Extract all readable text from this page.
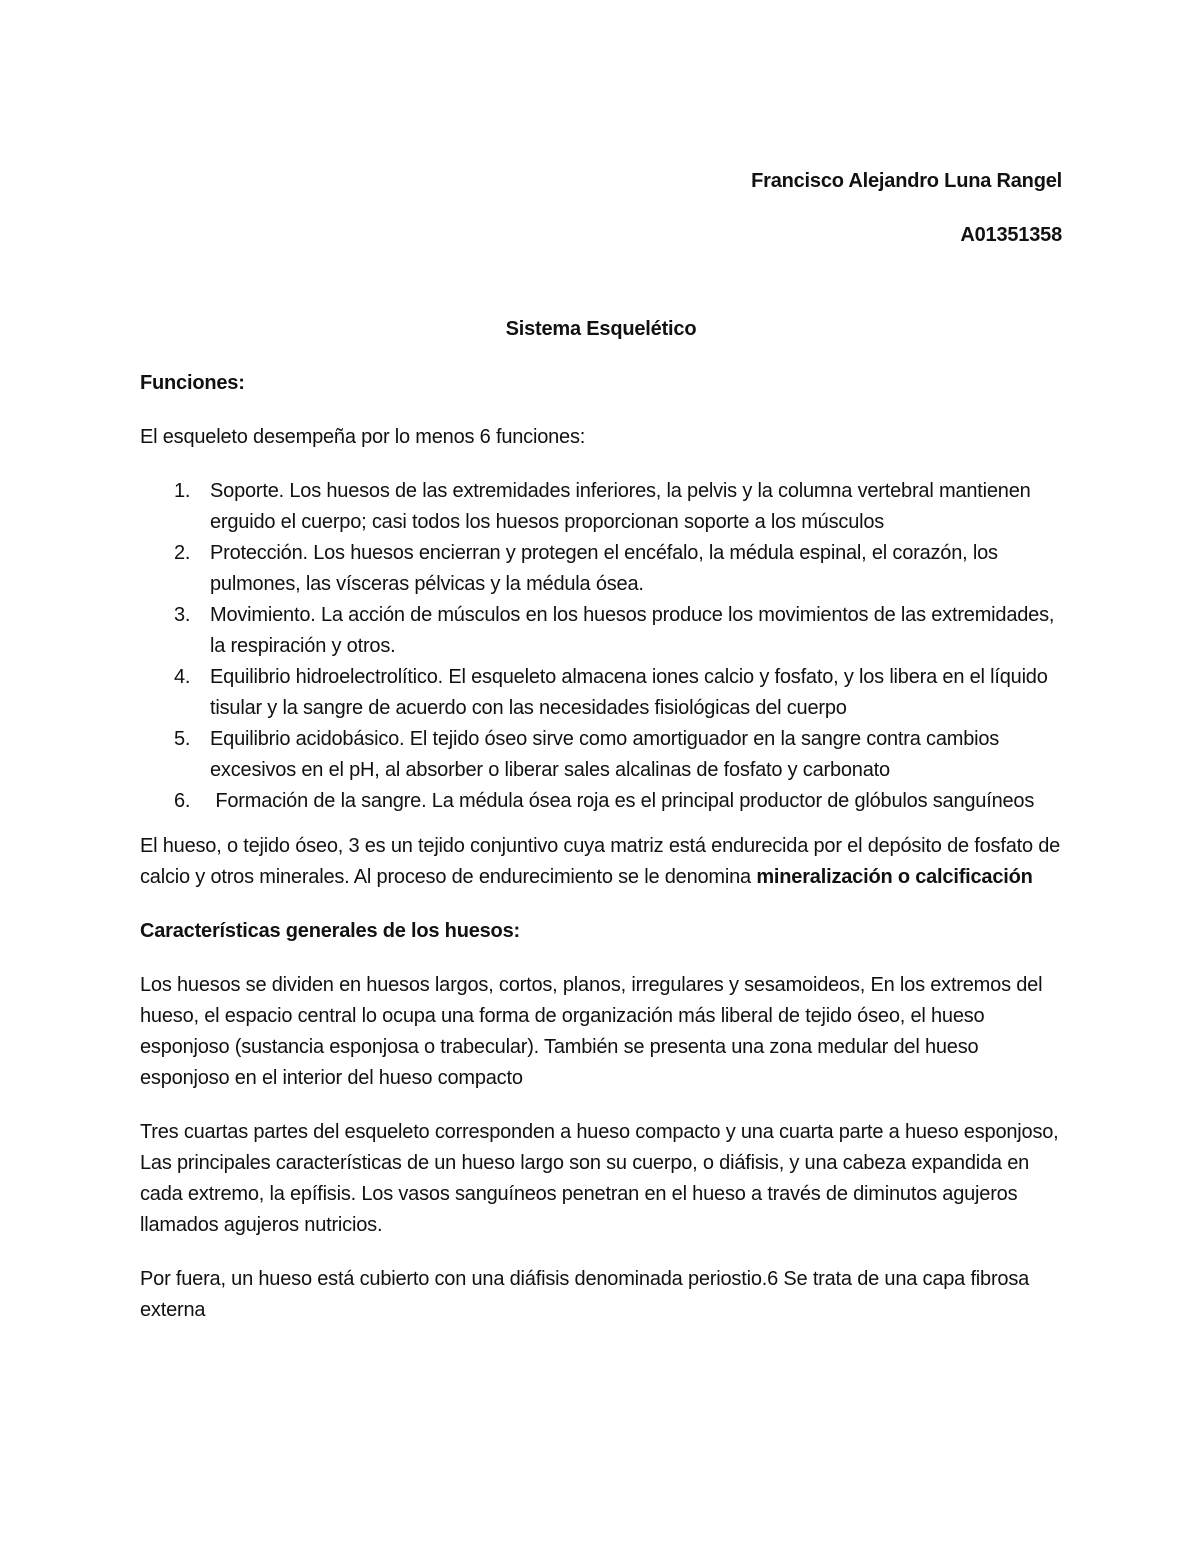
Francisco Alejandro Luna Rangel

A01351358

Sistema Esquelético

Funciones:

El esqueleto desempeña por lo menos 6 funciones:

1. Soporte. Los huesos de las extremidades inferiores, la pelvis y la columna vertebral mantienen erguido el cuerpo; casi todos los huesos proporcionan soporte a los músculos
2. Protección. Los huesos encierran y protegen el encéfalo, la médula espinal, el corazón, los pulmones, las vísceras pélvicas y la médula ósea.
3. Movimiento. La acción de músculos en los huesos produce los movimientos de las extremidades, la respiración y otros.
4. Equilibrio hidroelectrolítico. El esqueleto almacena iones calcio y fosfato, y los libera en el líquido tisular y la sangre de acuerdo con las necesidades fisiológicas del cuerpo
5. Equilibrio acidobásico. El tejido óseo sirve como amortiguador en la sangre contra cambios excesivos en el pH, al absorber o liberar sales alcalinas de fosfato y carbonato
6. Formación de la sangre. La médula ósea roja es el principal productor de glóbulos sanguíneos

El hueso, o tejido óseo, 3 es un tejido conjuntivo cuya matriz está endurecida por el depósito de fosfato de calcio y otros minerales. Al proceso de endurecimiento se le denomina mineralización o calcificación

Características generales de los huesos:

Los huesos se dividen en huesos largos, cortos, planos, irregulares y sesamoideos, En los extremos del hueso, el espacio central lo ocupa una forma de organización más liberal de tejido óseo, el hueso esponjoso (sustancia esponjosa o trabecular). También se presenta una zona medular del hueso esponjoso en el interior del hueso compacto

Tres cuartas partes del esqueleto corresponden a hueso compacto y una cuarta parte a hueso esponjoso, Las principales características de un hueso largo son su cuerpo, o diáfisis, y una cabeza expandida en cada extremo, la epífisis. Los vasos sanguíneos penetran en el hueso a través de diminutos agujeros llamados agujeros nutricios.

Por fuera, un hueso está cubierto con una diáfisis denominada periostio.6 Se trata de una capa fibrosa externa
